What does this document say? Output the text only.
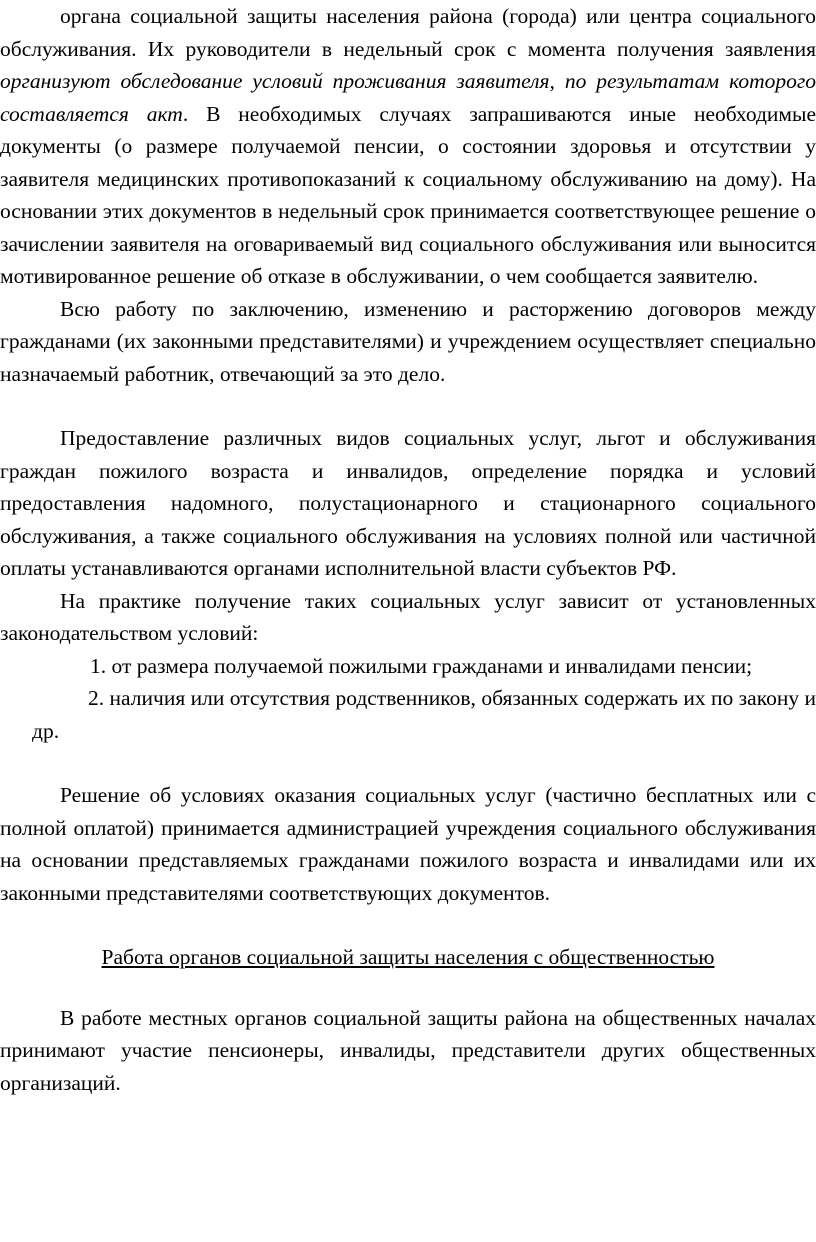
органа социальной защиты населения района (города) или центра социального обслуживания. Их руководители в недельный срок с момента получения заявления организуют обследование условий проживания заявителя, по результатам которого составляется акт. В необходимых случаях запрашиваются иные необходимые документы (о размере получаемой пенсии, о состоянии здоровья и отсутствии у заявителя медицинских противопоказаний к социальному обслуживанию на дому). На основании этих документов в недельный срок принимается соответствующее решение о зачислении заявителя на оговариваемый вид социального обслуживания или выносится мотивированное решение об отказе в обслуживании, о чем сообщается заявителю.

Всю работу по заключению, изменению и расторжению договоров между гражданами (их законными представителями) и учреждением осуществляет специально назначаемый работник, отвечающий за это дело.

Предоставление различных видов социальных услуг, льгот и обслуживания граждан пожилого возраста и инвалидов, определение порядка и условий предоставления надомного, полустационарного и стационарного социального обслуживания, а также социального обслуживания на условиях полной или частичной оплаты устанавливаются органами исполнительной власти субъектов РФ.

На практике получение таких социальных услуг зависит от установленных законодательством условий:

1. от размера получаемой пожилыми гражданами и инвалидами пенсии;

2. наличия или отсутствия родственников, обязанных содержать их по закону и др.

Решение об условиях оказания социальных услуг (частично бесплатных или с полной оплатой) принимается администрацией учреждения социального обслуживания на основании представляемых гражданами пожилого возраста и инвалидами или их законными представителями соответствующих документов.

Работа органов социальной защиты населения с общественностью

В работе местных органов социальной защиты района на общественных началах принимают участие пенсионеры, инвалиды, представители других общественных организаций.
